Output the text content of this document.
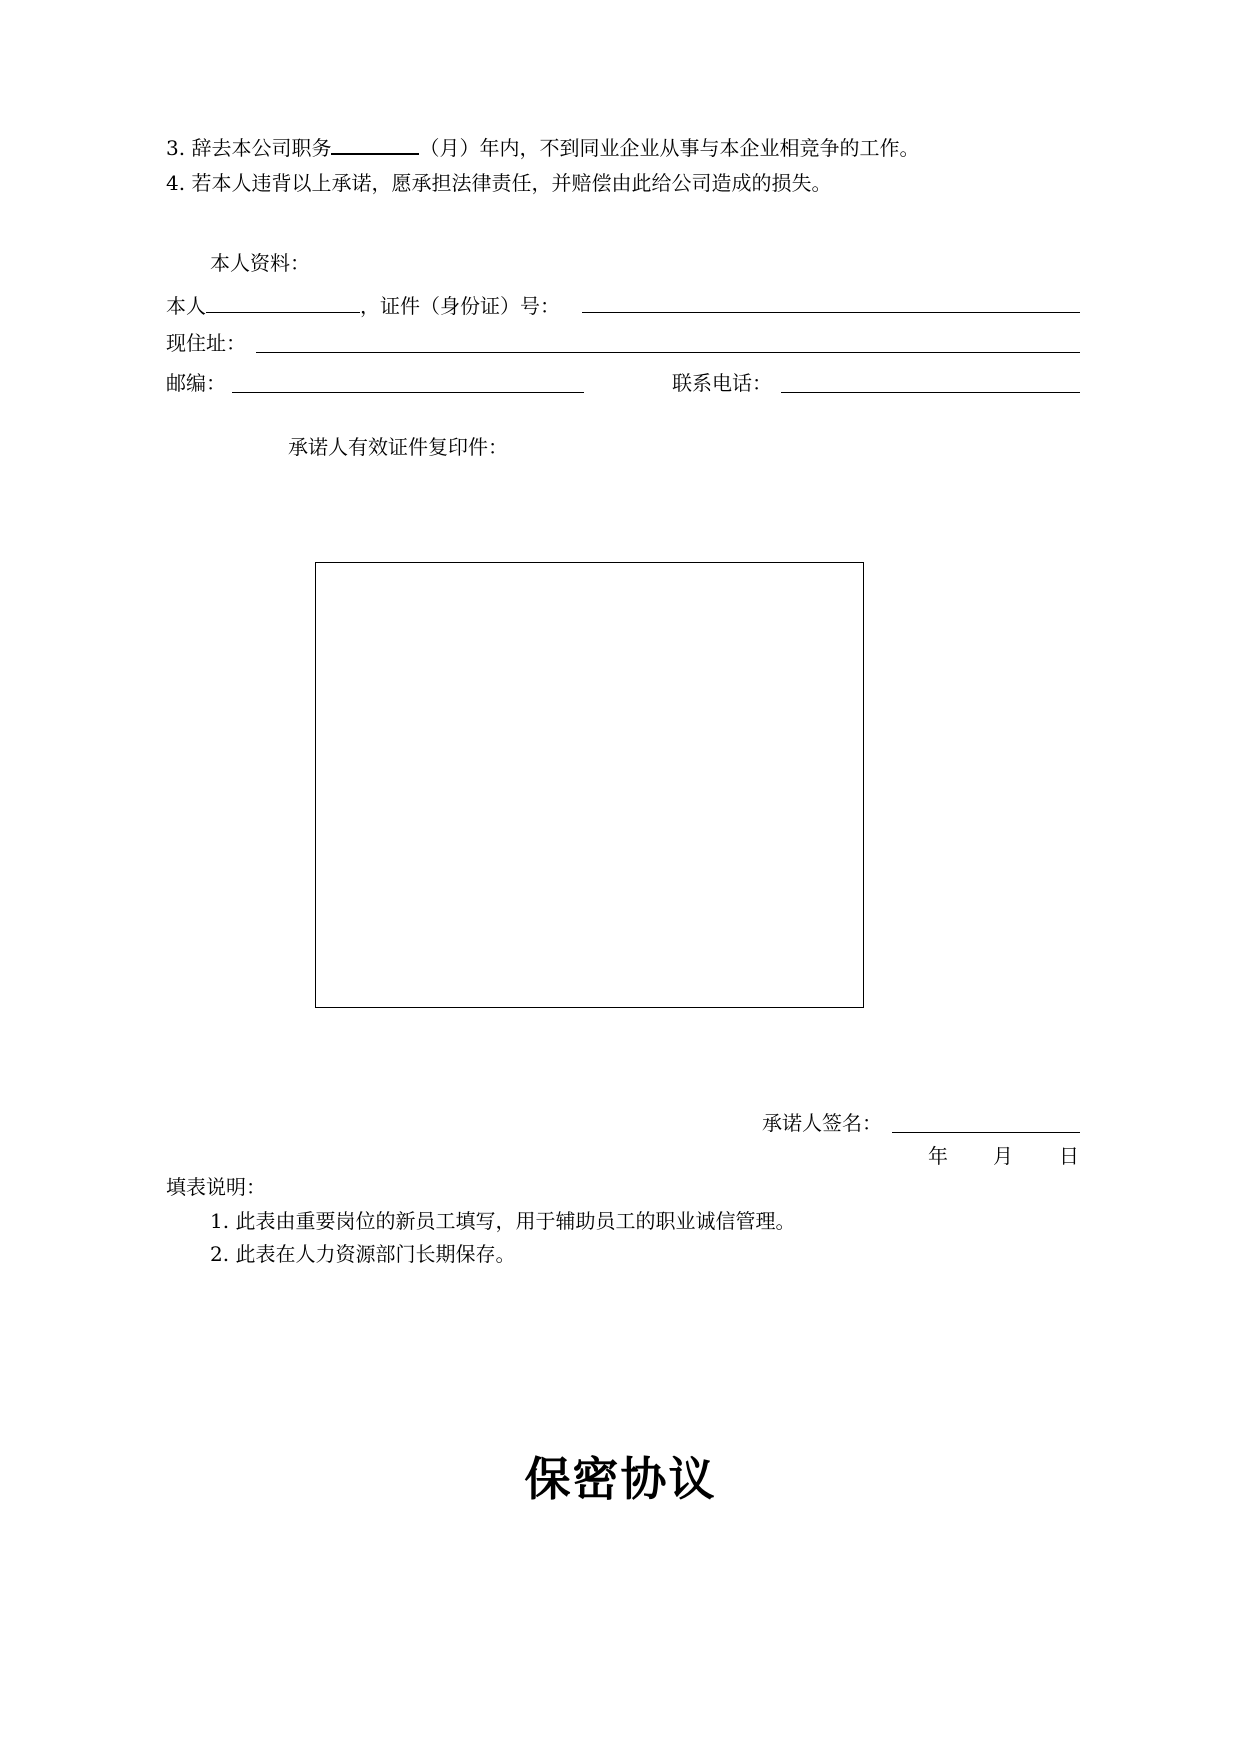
3. 辞去本公司职务	（月）年内，不到同业企业从事与本企业相竞争的工作。
4. 若本人违背以上承诺，愿承担法律责任，并赔偿由此给公司造成的损失。
本人资料：
本人	，证件（身份证）号：
现住址：
邮编：	联系电话：
承诺人有效证件复印件：
承诺人签名：
年 月 日
填表说明：
1. 此表由重要岗位的新员工填写，用于辅助员工的职业诚信管理。
2. 此表在人力资源部门长期保存。
保密协议
